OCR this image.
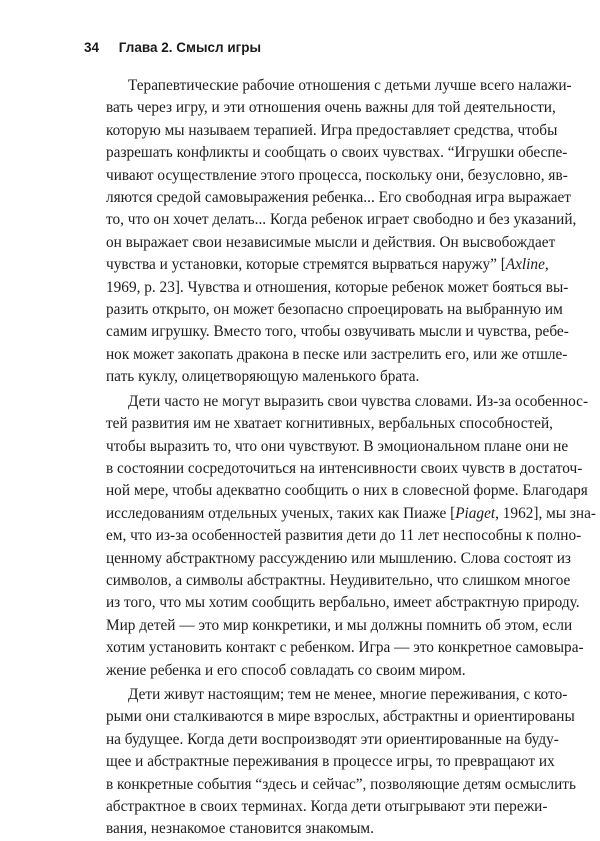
34 Глава 2. Смысл игры

Терапевтические рабочие отношения с детьми лучше всего налажи-
вать через игру, и эти отношения очень важны для той деятельности,
которую мы называем терапией. Игра предоставляет средства, чтобы
разрешать конфликты и сообщать о своих чувствах. “Игрушки обеспе-
чивают осуществление этого процесса, поскольку они, безусловно, яв-
ляются средой самовыражения ребенка... Его свободная игра выражает
то, что он хочет делать... Когда ребенок играет свободно и без указаний,
он выражает свои независимые мысли и действия. Он высвобождает
чувства и установки, которые стремятся вырваться наружу” [Axline,
1969, p. 23]. Чувства и отношения, которые ребенок может бояться вы-
разить открыто, он может безопасно спроецировать на выбранную им
самим игрушку. Вместо того, чтобы озвучивать мысли и чувства, ребе-
нок может закопать дракона в песке или застрелить его, или же отшле-
пать куклу, олицетворяющую маленького брата.

Дети часто не могут выразить свои чувства словами. Из-за особеннос-
тей развития им не хватает когнитивных, вербальных способностей,
чтобы выразить то, что они чувствуют. В эмоциональном плане они не
в состоянии сосредоточиться на интенсивности своих чувств в достаточ-
ной мере, чтобы адекватно сообщить о них в словесной форме. Благодаря
исследованиям отдельных ученых, таких как Пиаже [Piaget, 1962], мы зна-
ем, что из-за особенностей развития дети до 11 лет неспособны к полно-
ценному абстрактному рассуждению или мышлению. Слова состоят из
символов, а символы абстрактны. Неудивительно, что слишком многое
из того, что мы хотим сообщить вербально, имеет абстрактную природу.
Мир детей — это мир конкретики, и мы должны помнить об этом, если
хотим установить контакт с ребенком. Игра — это конкретное самовыра-
жение ребенка и его способ совладать со своим миром.

Дети живут настоящим; тем не менее, многие переживания, с кото-
рыми они сталкиваются в мире взрослых, абстрактны и ориентированы
на будущее. Когда дети воспроизводят эти ориентированные на буду-
щее и абстрактные переживания в процессе игры, то превращают их
в конкретные события “здесь и сейчас”, позволяющие детям осмыслить
абстрактное в своих терминах. Когда дети отыгрывают эти пережи-
вания, незнакомое становится знакомым.
